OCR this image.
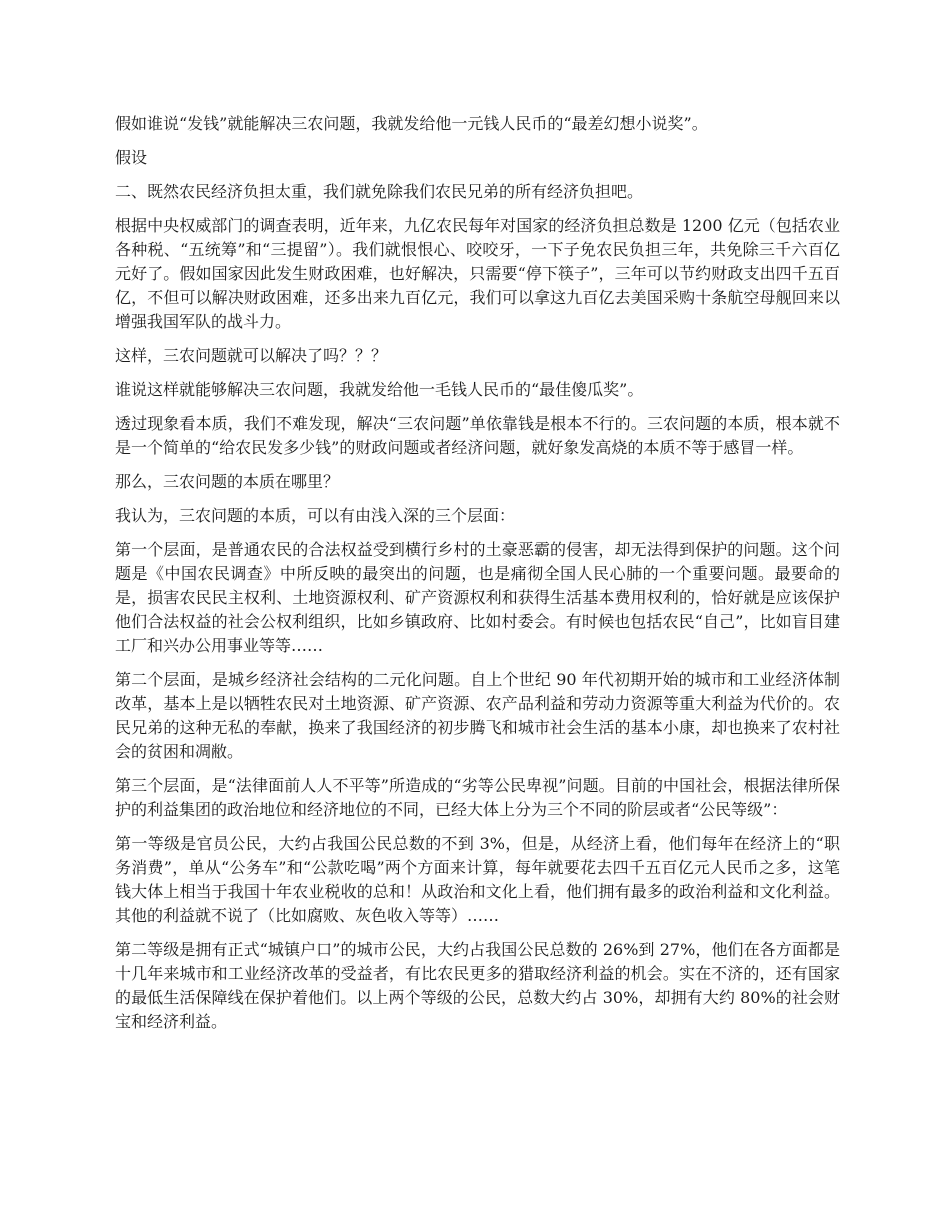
假如谁说“发钱”就能解决三农问题，我就发给他一元钱人民币的“最差幻想小说奖”。

假设

二、既然农民经济负担太重，我们就免除我们农民兄弟的所有经济负担吧。

根据中央权威部门的调查表明，近年来，九亿农民每年对国家的经济负担总数是 1200 亿元（包括农业各种税、“五统筹”和“三提留”）。我们就恨恨心、咬咬牙，一下子免农民负担三年，共免除三千六百亿元好了。假如国家因此发生财政困难，也好解决，只需要“停下筷子”，三年可以节约财政支出四千五百亿，不但可以解决财政困难，还多出来九百亿元，我们可以拿这九百亿去美国采购十条航空母舰回来以增强我国军队的战斗力。

这样，三农问题就可以解决了吗？？？

谁说这样就能够解决三农问题，我就发给他一毛钱人民币的“最佳傻瓜奖”。

透过现象看本质，我们不难发现，解决“三农问题”单依靠钱是根本不行的。三农问题的本质，根本就不是一个简单的“给农民发多少钱”的财政问题或者经济问题，就好象发高烧的本质不等于感冒一样。

那么，三农问题的本质在哪里？

我认为，三农问题的本质，可以有由浅入深的三个层面：

第一个层面，是普通农民的合法权益受到横行乡村的土豪恶霸的侵害，却无法得到保护的问题。这个问题是《中国农民调查》中所反映的最突出的问题，也是痛彻全国人民心肺的一个重要问题。最要命的是，损害农民民主权利、土地资源权利、矿产资源权利和获得生活基本费用权利的，恰好就是应该保护他们合法权益的社会公权利组织，比如乡镇政府、比如村委会。有时候也包括农民“自己”，比如盲目建工厂和兴办公用事业等等……

第二个层面，是城乡经济社会结构的二元化问题。自上个世纪 90 年代初期开始的城市和工业经济体制改革，基本上是以牺牲农民对土地资源、矿产资源、农产品利益和劳动力资源等重大利益为代价的。农民兄弟的这种无私的奉献，换来了我国经济的初步腾飞和城市社会生活的基本小康，却也换来了农村社会的贫困和凋敝。

第三个层面，是“法律面前人人不平等”所造成的“劣等公民卑视”问题。目前的中国社会，根据法律所保护的利益集团的政治地位和经济地位的不同，已经大体上分为三个不同的阶层或者“公民等级”：

第一等级是官员公民，大约占我国公民总数的不到 3%，但是，从经济上看，他们每年在经济上的“职务消费”，单从“公务车”和“公款吃喝”两个方面来计算，每年就要花去四千五百亿元人民币之多，这笔钱大体上相当于我国十年农业税收的总和！从政治和文化上看，他们拥有最多的政治利益和文化利益。其他的利益就不说了（比如腐败、灰色收入等等）……

第二等级是拥有正式“城镇户口”的城市公民，大约占我国公民总数的 26%到 27%，他们在各方面都是十几年来城市和工业经济改革的受益者，有比农民更多的猎取经济利益的机会。实在不济的，还有国家的最低生活保障线在保护着他们。以上两个等级的公民，总数大约占 30%，却拥有大约 80%的社会财宝和经济利益。
